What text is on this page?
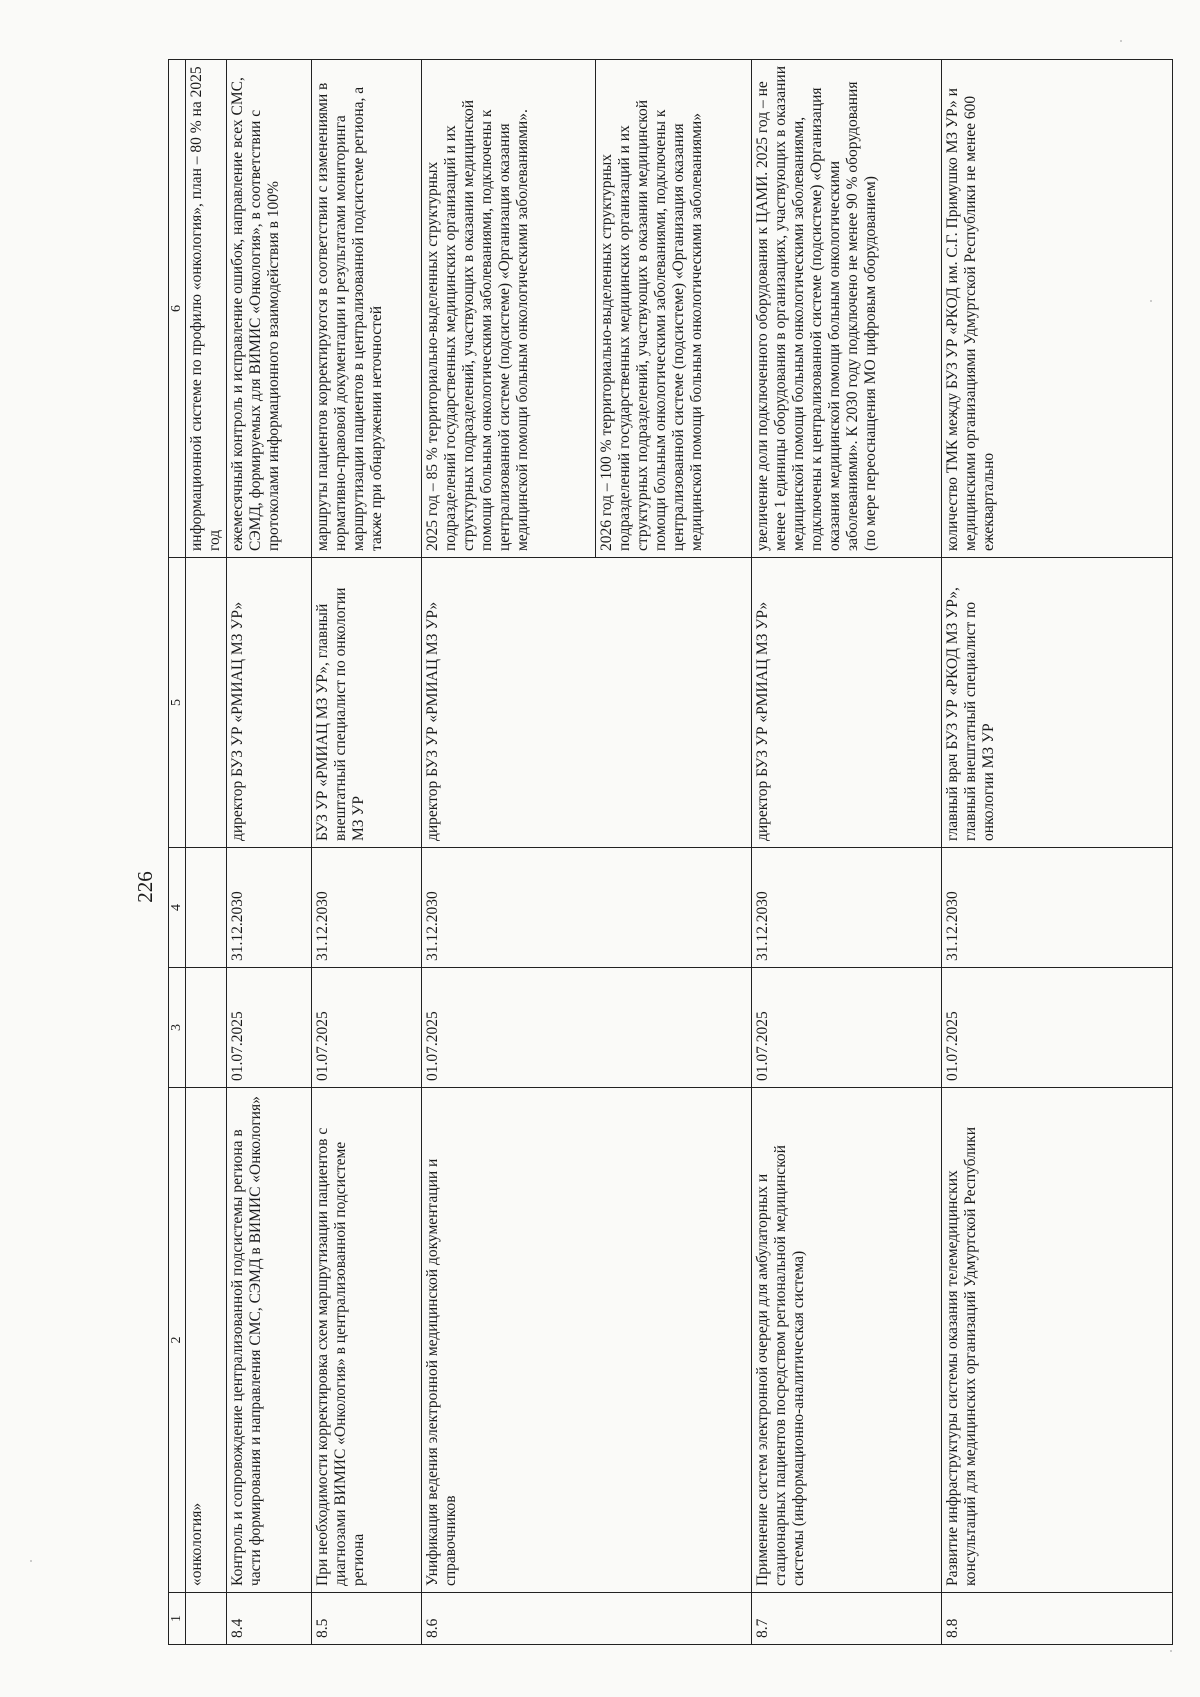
226
1	2	3	4	5	6
	«онкология»				информационной системе по профилю «онкология», план – 80 % на 2025 год
8.4	Контроль и сопровождение централизованной подсистемы региона в части формирования и направления СМС, СЭМД в ВИМИС «Онкология»	01.07.2025	31.12.2030	директор БУЗ УР «РМИАЦ МЗ УР»	ежемесячный контроль и исправление ошибок, направление всех СМС, СЭМД, формируемых для ВИМИС «Онкология», в соответствии с протоколами информационного взаимодействия в 100%
8.5	При необходимости корректировка схем маршрутизации пациентов с диагнозами ВИМИС «Онкология» в централизованной подсистеме региона	01.07.2025	31.12.2030	БУЗ УР «РМИАЦ МЗ УР», главный внештатный специалист по онкологии МЗ УР	маршруты пациентов корректируются в соответствии с изменениями в нормативно-правовой документации и результатами мониторинга маршрутизации пациентов в централизованной подсистеме региона, а также при обнаружении неточностей
8.6	Унификация ведения электронной медицинской документации и справочников	01.07.2025	31.12.2030	директор БУЗ УР «РМИАЦ МЗ УР»	2025 год – 85 % территориально-выделенных структурных подразделений государственных медицинских организаций и их структурных подразделений, участвующих в оказании медицинской помощи больным онкологическими заболеваниями, подключены к централизованной системе (подсистеме) «Организация оказания медицинской помощи больным онкологическими заболеваниями».
					2026 год – 100 % территориально-выделенных структурных подразделений государственных медицинских организаций и их структурных подразделений, участвующих в оказании медицинской помощи больным онкологическими заболеваниями, подключены к централизованной системе (подсистеме) «Организация оказания медицинской помощи больным онкологическими заболеваниями»
8.7	Применение систем электронной очереди для амбулаторных и стационарных пациентов посредством региональной медицинской системы (информационно-аналитическая система)	01.07.2025	31.12.2030	директор БУЗ УР «РМИАЦ МЗ УР»	увеличение доли подключенного оборудования к ЦАМИ. 2025 год – не менее 1 единицы оборудования в организациях, участвующих в оказании медицинской помощи больным онкологическими заболеваниями, подключены к централизованной системе (подсистеме) «Организация оказания медицинской помощи больным онкологическими заболеваниями». К 2030 году подключено не менее 90 % оборудования (по мере переоснащения МО цифровым оборудованием)
8.8	Развитие инфраструктуры системы оказания телемедицинских консультаций для медицинских организаций Удмуртской Республики	01.07.2025	31.12.2030	главный врач БУЗ УР «РКОД МЗ УР», главный внештатный специалист по онкологии МЗ УР	количество ТМК между БУЗ УР «РКОД им. С.Г. Примушко МЗ УР» и медицинскими организациями Удмуртской Республики не менее 600 ежеквартально
